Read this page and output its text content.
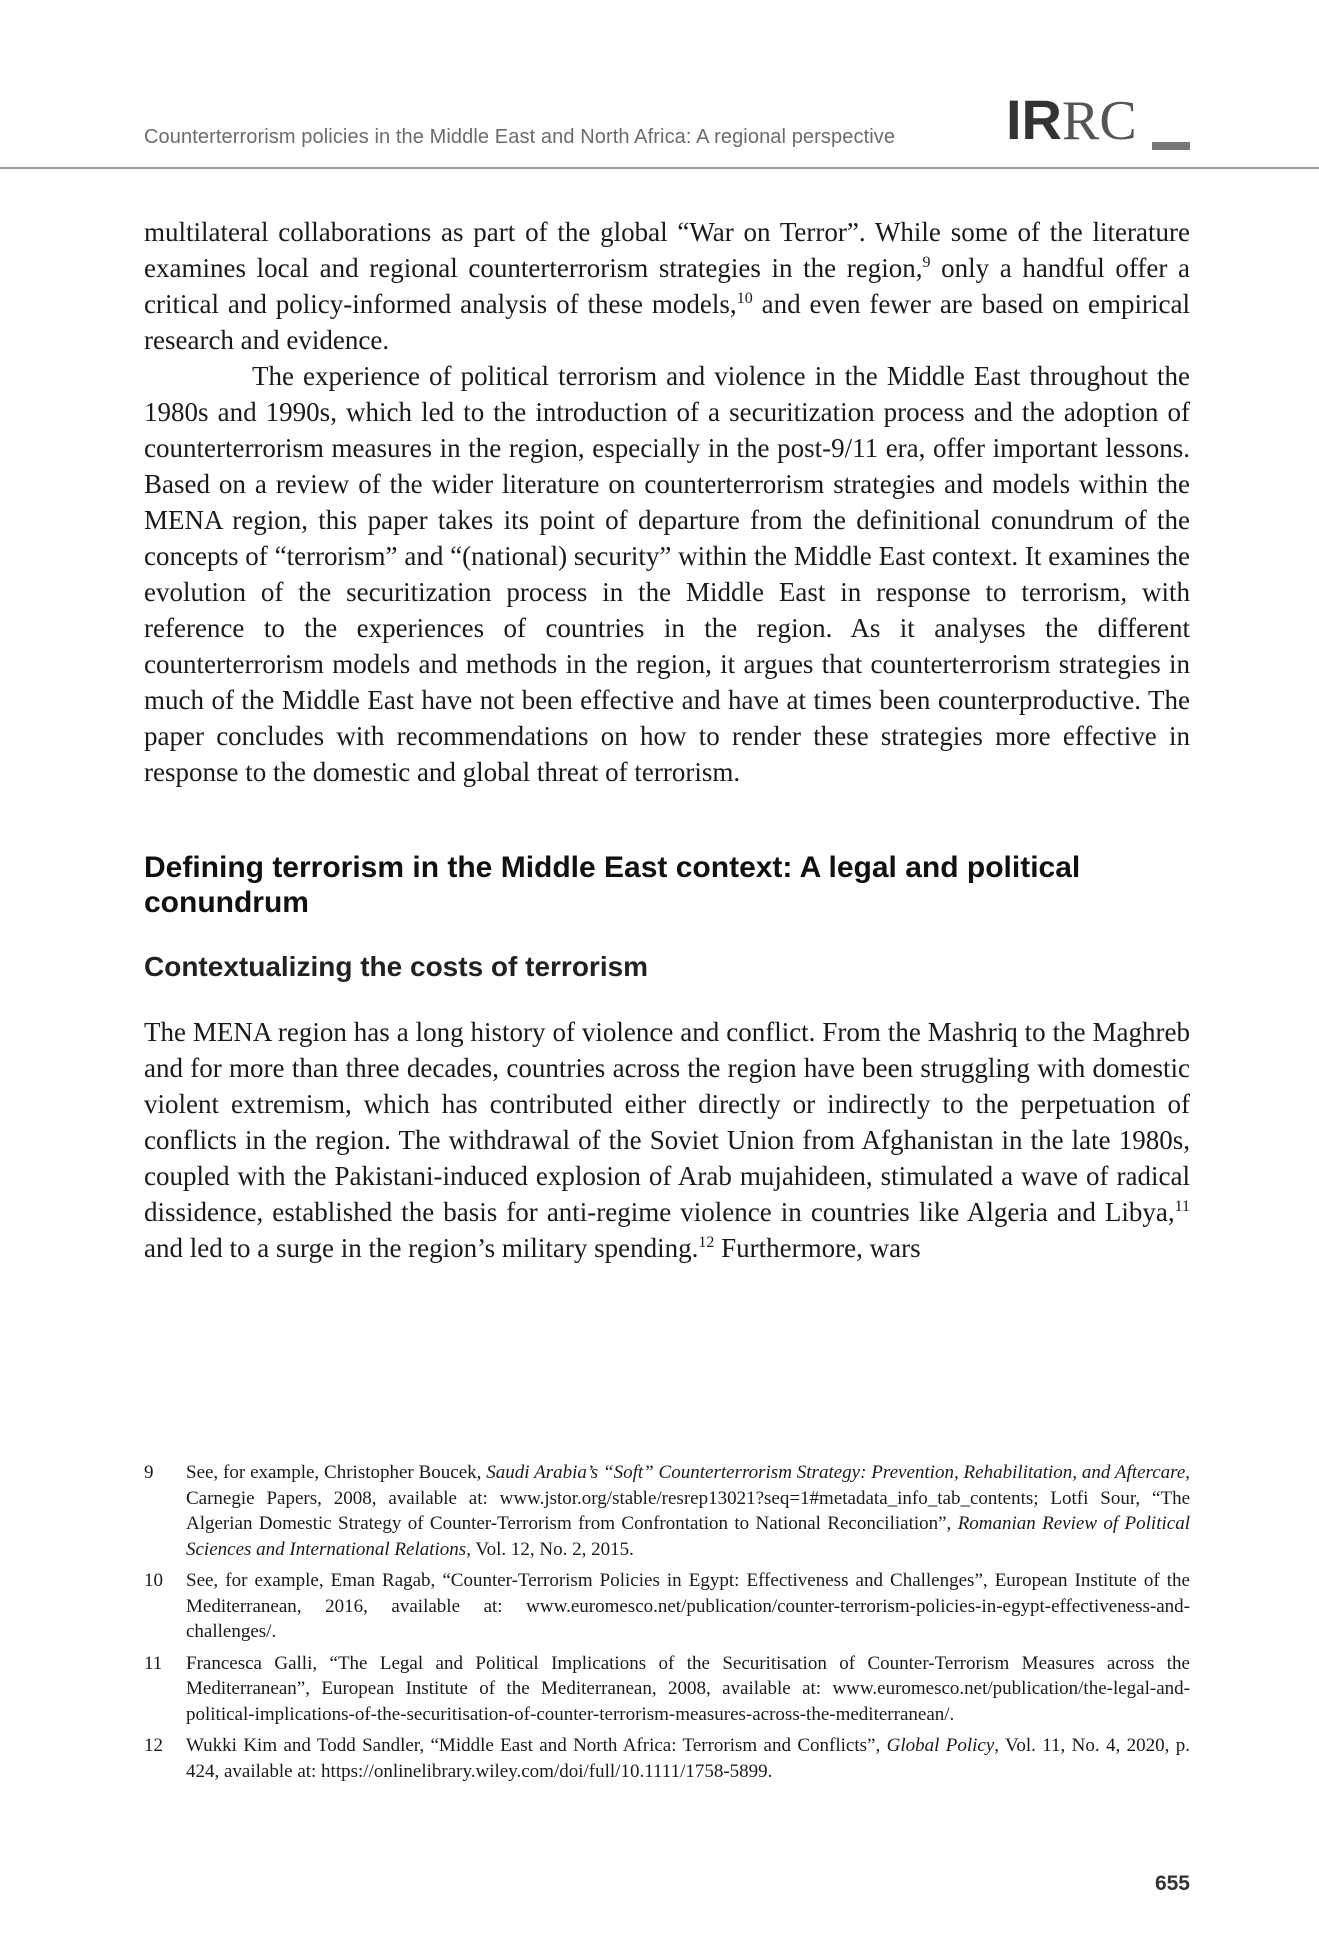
Counterterrorism policies in the Middle East and North Africa: A regional perspective IRRC

multilateral collaborations as part of the global “War on Terror”. While some of the literature examines local and regional counterterrorism strategies in the region,$^9$ only a handful offer a critical and policy-informed analysis of these models,$^{10}$ and even fewer are based on empirical research and evidence.

The experience of political terrorism and violence in the Middle East throughout the 1980s and 1990s, which led to the introduction of a securitization process and the adoption of counterterrorism measures in the region, especially in the post-9/11 era, offer important lessons. Based on a review of the wider literature on counterterrorism strategies and models within the MENA region, this paper takes its point of departure from the definitional conundrum of the concepts of “terrorism” and “(national) security” within the Middle East context. It examines the evolution of the securitization process in the Middle East in response to terrorism, with reference to the experiences of countries in the region. As it analyses the different counterterrorism models and methods in the region, it argues that counterterrorism strategies in much of the Middle East have not been effective and have at times been counterproductive. The paper concludes with recommendations on how to render these strategies more effective in response to the domestic and global threat of terrorism.

Defining terrorism in the Middle East context: A legal and political conundrum
Contextualizing the costs of terrorism

The MENA region has a long history of violence and conflict. From the Mashriq to the Maghreb and for more than three decades, countries across the region have been struggling with domestic violent extremism, which has contributed either directly or indirectly to the perpetuation of conflicts in the region. The withdrawal of the Soviet Union from Afghanistan in the late 1980s, coupled with the Pakistani-induced explosion of Arab mujahideen, stimulated a wave of radical dissidence, established the basis for anti-regime violence in countries like Algeria and Libya,$^{11}$ and led to a surge in the region’s military spending.$^{12}$ Furthermore, wars

9	See, for example, Christopher Boucek, Saudi Arabia’s “Soft” Counterterrorism Strategy: Prevention, Rehabilitation, and Aftercare, Carnegie Papers, 2008, available at: www.jstor.org/stable/resrep13021?seq=1#metadata_info_tab_contents; Lotfi Sour, “The Algerian Domestic Strategy of Counter-Terrorism from Confrontation to National Reconciliation”, Romanian Review of Political Sciences and International Relations, Vol. 12, No. 2, 2015.
10	See, for example, Eman Ragab, “Counter-Terrorism Policies in Egypt: Effectiveness and Challenges”, European Institute of the Mediterranean, 2016, available at: www.euromesco.net/publication/counter-terrorism-policies-in-egypt-effectiveness-and-challenges/.
11	Francesca Galli, “The Legal and Political Implications of the Securitisation of Counter-Terrorism Measures across the Mediterranean”, European Institute of the Mediterranean, 2008, available at: www.euromesco.net/publication/the-legal-and-political-implications-of-the-securitisation-of-counter-terrorism-measures-across-the-mediterranean/.
12	Wukki Kim and Todd Sandler, “Middle East and North Africa: Terrorism and Conflicts”, Global Policy, Vol. 11, No. 4, 2020, p. 424, available at: https://onlinelibrary.wiley.com/doi/full/10.1111/1758-5899.
655
